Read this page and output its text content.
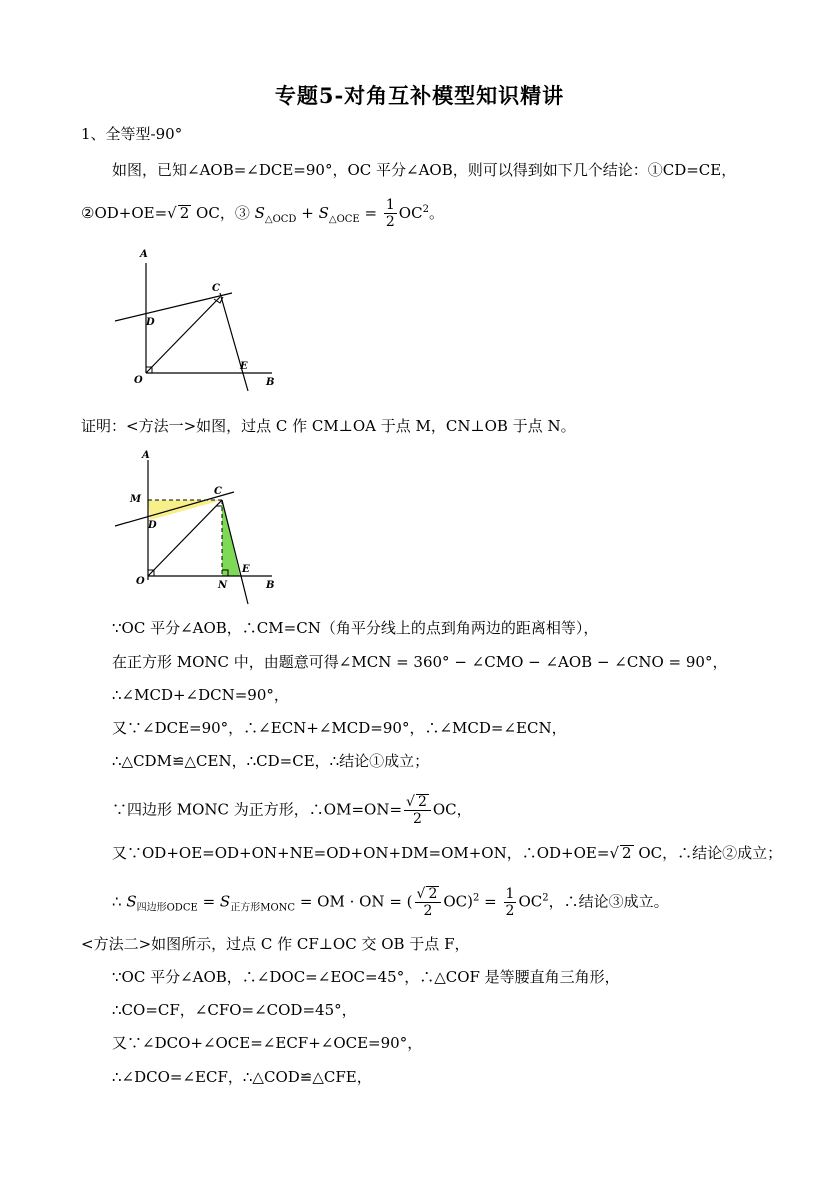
专题5-对角互补模型知识精讲
1、全等型-90°
如图，已知∠AOB=∠DCE=90°，OC 平分∠AOB，则可以得到如下几个结论：①CD=CE，
②OD+OE=√ 2 OC，③ $S_{\triangle OCD} + S_{\triangle OCE} = \frac{1}{2} OC^2$。
A
C
D
O
E
B
证明：<方法一>如图，过点 C 作 CM⊥OA 于点 M，CN⊥OB 于点 N。
A
M
C
D
O	N
E
B
∵OC 平分∠AOB，∴CM=CN（角平分线上的点到角两边的距离相等），
在正方形 MONC 中，由题意可得∠MCN = 360° − ∠CMO − ∠AOB − ∠CNO = 90°，
∴∠MCD+∠DCN=90°，
又∵∠DCE=90°，∴∠ECN+∠MCD=90°，∴∠MCD=∠ECN，
∴△CDM≌△CEN，∴CD=CE，∴结论①成立；
∵四边形 MONC 为正方形，∴OM=ON= $\frac{√ 2}{2}$ OC，
又∵OD+OE=OD+ON+NE=OD+ON+DM=OM+ON，∴OD+OE=√ 2 OC，∴结论②成立；
∴ $S_{四边形ODCE} = S_{正方形MONC}$ = OM · ON = ( $\frac{√ 2}{2} OC)^2 = \frac{1}{2} OC^2$，∴结论③成立。
<方法二>如图所示，过点 C 作 CF⊥OC 交 OB 于点 F，
∵OC 平分∠AOB，∴∠DOC=∠EOC=45°，∴△COF 是等腰直角三角形，
∴CO=CF，∠CFO=∠COD=45°，
又∵∠DCO+∠OCE=∠ECF+∠OCE=90°，
∴∠DCO=∠ECF，∴△COD≌△CFE，
